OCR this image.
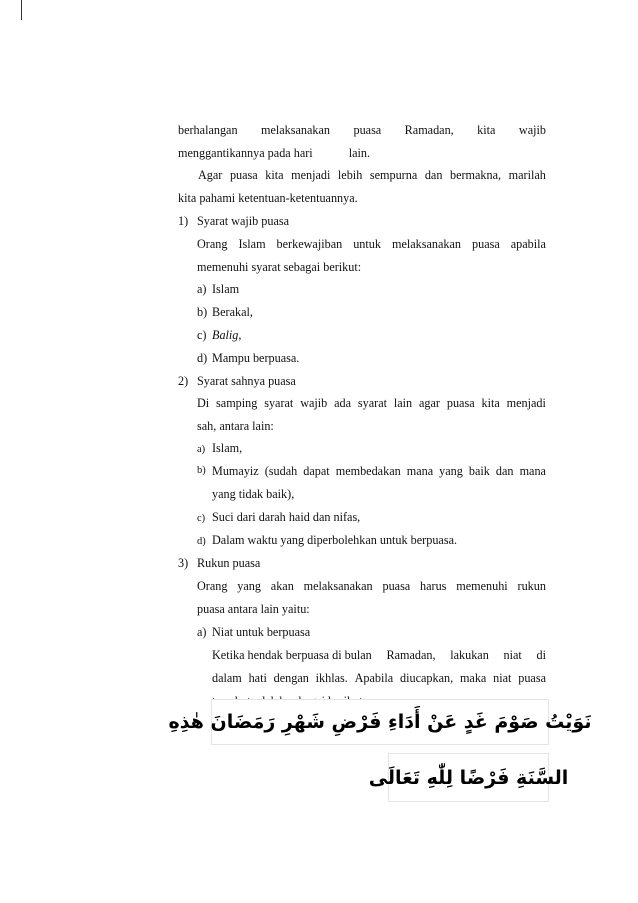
berhalangan melaksanakan puasa Ramadan, kita wajib
menggantikannya pada hari	lain.
Agar puasa kita menjadi lebih sempurna dan bermakna, marilah
kita pahami ketentuan-ketentuannya.
1) Syarat wajib puasa
Orang Islam berkewajiban untuk melaksanakan puasa apabila
memenuhi syarat sebagai berikut:
a) Islam
b) Berakal,
c) Balig,
d) Mampu berpuasa.
2) Syarat sahnya puasa
Di samping syarat wajib ada syarat lain agar puasa kita menjadi
sah, antara lain:
a) Islam,
b) Mumayiz (sudah dapat membedakan mana yang baik dan mana
yang tidak baik),
c) Suci dari darah haid dan nifas,
d) Dalam waktu yang diperbolehkan untuk berpuasa.
3) Rukun puasa
Orang yang akan melaksanakan puasa harus memenuhi rukun
puasa antara lain yaitu:
a) Niat untuk berpuasa
Ketika hendak berpuasa di bulan Ramadan, lakukan niat di
dalam hati dengan ikhlas. Apabila diucapkan, maka niat puasa
نَوَيْتُ صَوْمَ غَدٍ عَنْ أَدَاءِ فَرْضِ شَهْرِ رَمَضَانَ هٰذِهِ
السَّنَةِ فَرْضًا لِلّٰهِ تَعَالَى
